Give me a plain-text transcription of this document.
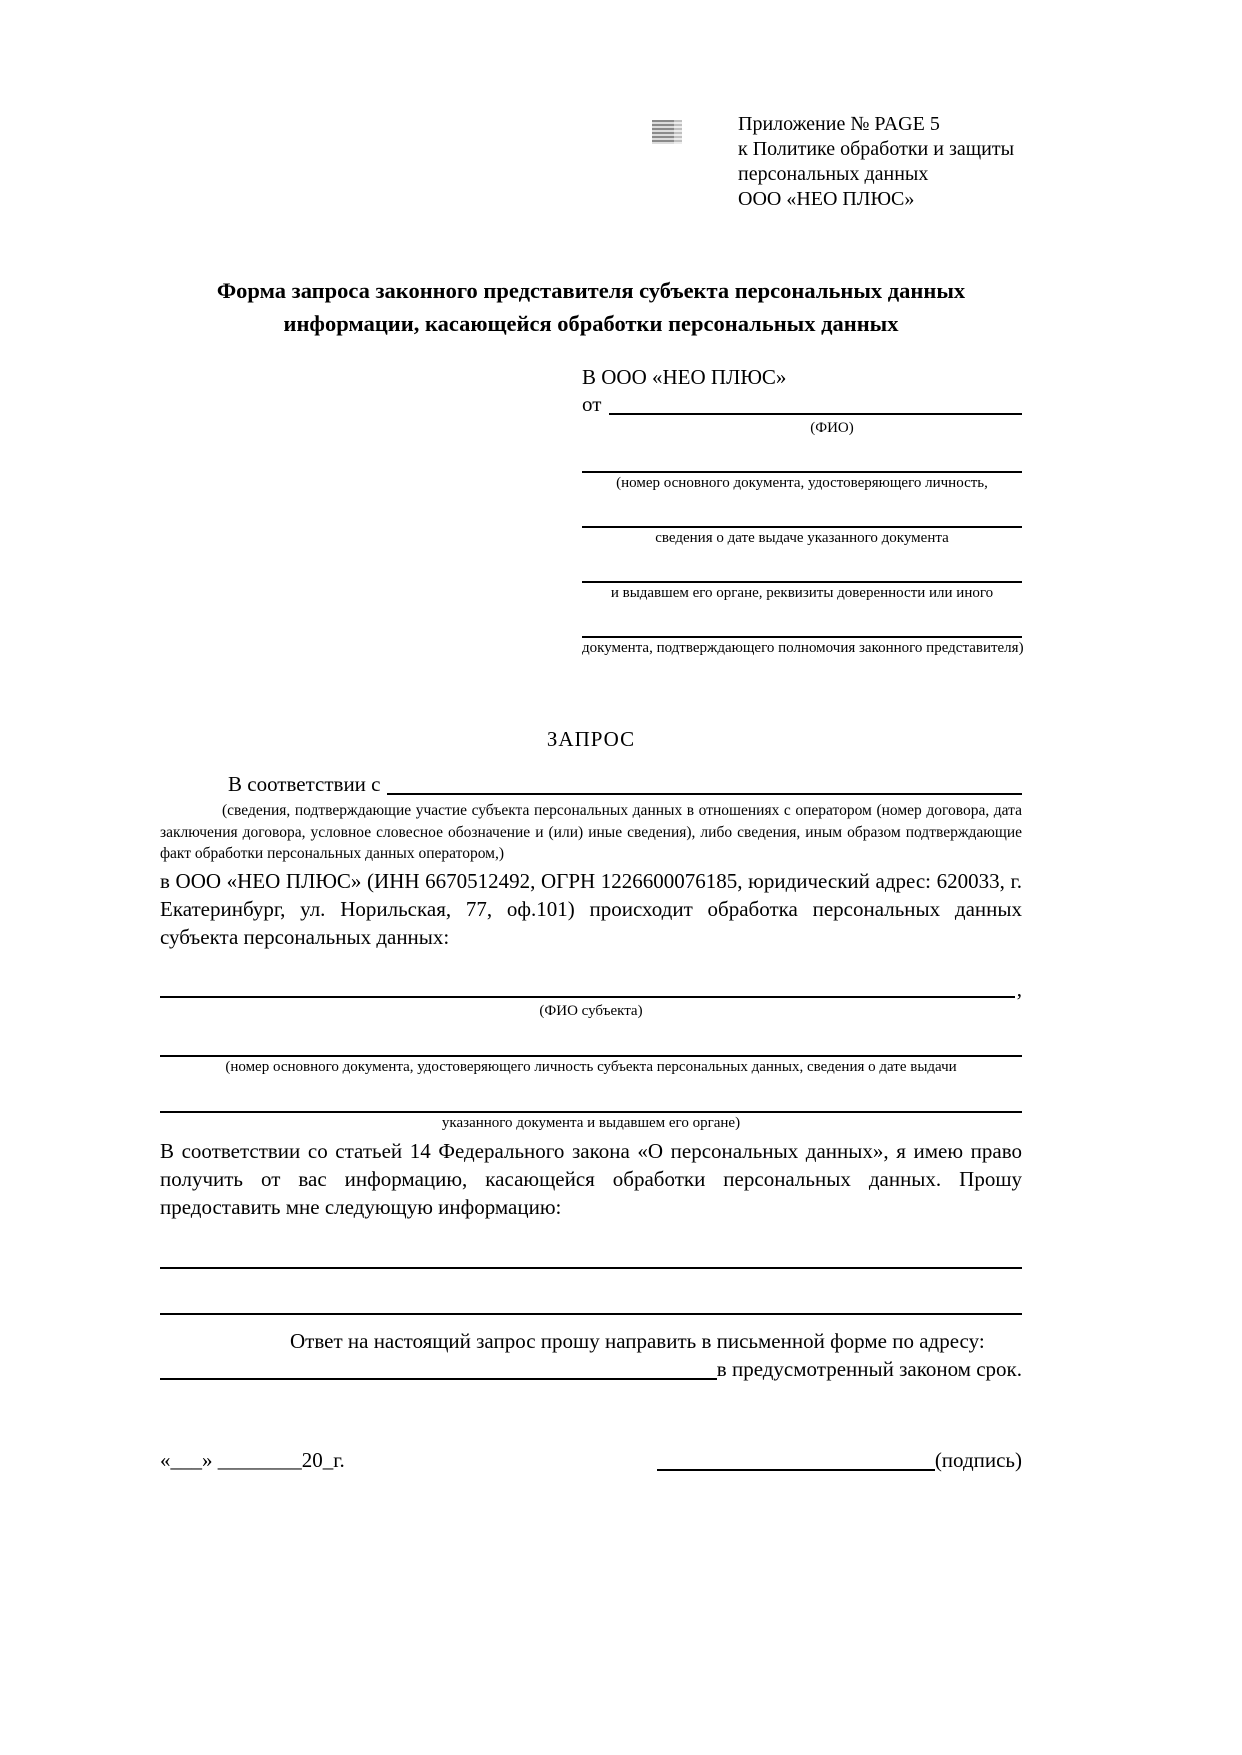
Приложение № PAGE 5
к Политике обработки и защиты
персональных данных
ООО «НЕО ПЛЮС»
Форма запроса законного представителя субъекта персональных данных
информации, касающейся обработки персональных данных
В ООО «НЕО ПЛЮС»
от
(ФИО)
(номер основного документа, удостоверяющего личность,
сведения о дате выдаче указанного документа
и выдавшем его органе, реквизиты доверенности или иного
документа, подтверждающего полномочия законного представителя)
ЗАПРОС
В соответствии с
(сведения, подтверждающие участие субъекта персональных данных в отношениях с оператором (номер договора, дата заключения договора, условное словесное обозначение и (или) иные сведения), либо сведения, иным образом подтверждающие факт обработки персональных данных оператором,)

в ООО «НЕО ПЛЮС» (ИНН 6670512492, ОГРН 1226600076185, юридический адрес: 620033, г. Екатеринбург, ул. Норильская, 77, оф.101) происходит обработка персональных данных субъекта персональных данных:

,
(ФИО субъекта)
(номер основного документа, удостоверяющего личность субъекта персональных данных, сведения о дате выдачи
указанного документа и выдавшем его органе)

В соответствии со статьей 14 Федерального закона «О персональных данных», я имею право получить от вас информацию, касающейся обработки персональных данных. Прошу предоставить мне следующую информацию:

Ответ на настоящий запрос прошу направить в письменной форме по адресу:
в предусмотренный законом срок.
«___» ________20_г.	(подпись)
